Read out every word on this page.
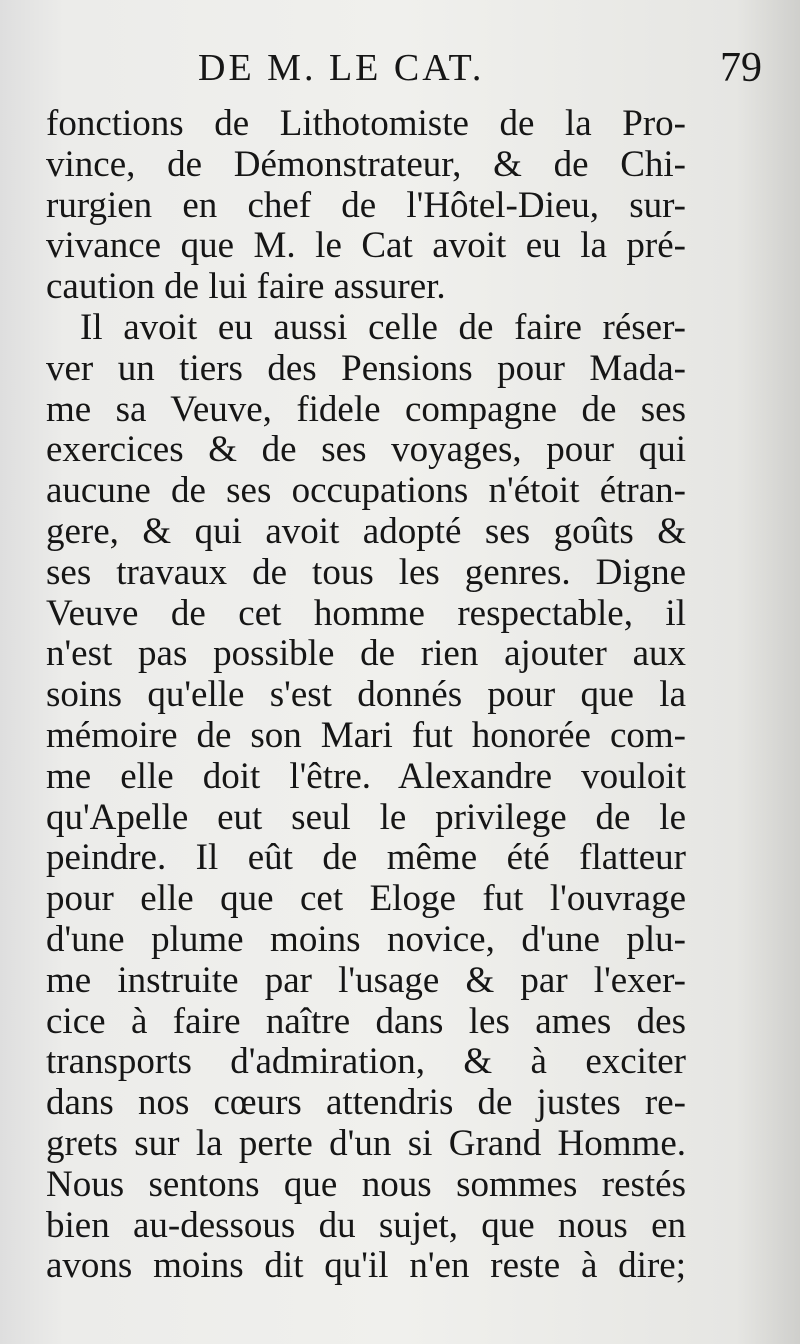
DE M. LE CAT.	79
fonctions de Lithotomiste de la Pro-
vince, de Démonstrateur, & de Chi-
rurgien en chef de l'Hôtel-Dieu, sur-
vivance que M. le Cat avoit eu la pré-
caution de lui faire assurer.
Il avoit eu aussi celle de faire réser-
ver un tiers des Pensions pour Mada-
me sa Veuve, fidele compagne de ses
exercices & de ses voyages, pour qui
aucune de ses occupations n'étoit étran-
gere, & qui avoit adopté ses goûts &
ses travaux de tous les genres. Digne
Veuve de cet homme respectable, il
n'est pas possible de rien ajouter aux
soins qu'elle s'est donnés pour que la
mémoire de son Mari fut honorée com-
me elle doit l'être. Alexandre vouloit
qu'Apelle eut seul le privilege de le
peindre. Il eût de même été flatteur
pour elle que cet Eloge fut l'ouvrage
d'une plume moins novice, d'une plu-
me instruite par l'usage & par l'exer-
cice à faire naître dans les ames des
transports d'admiration, & à exciter
dans nos cœurs attendris de justes re-
grets sur la perte d'un si Grand Homme.
Nous sentons que nous sommes restés
bien au-dessous du sujet, que nous en
avons moins dit qu'il n'en reste à dire;
